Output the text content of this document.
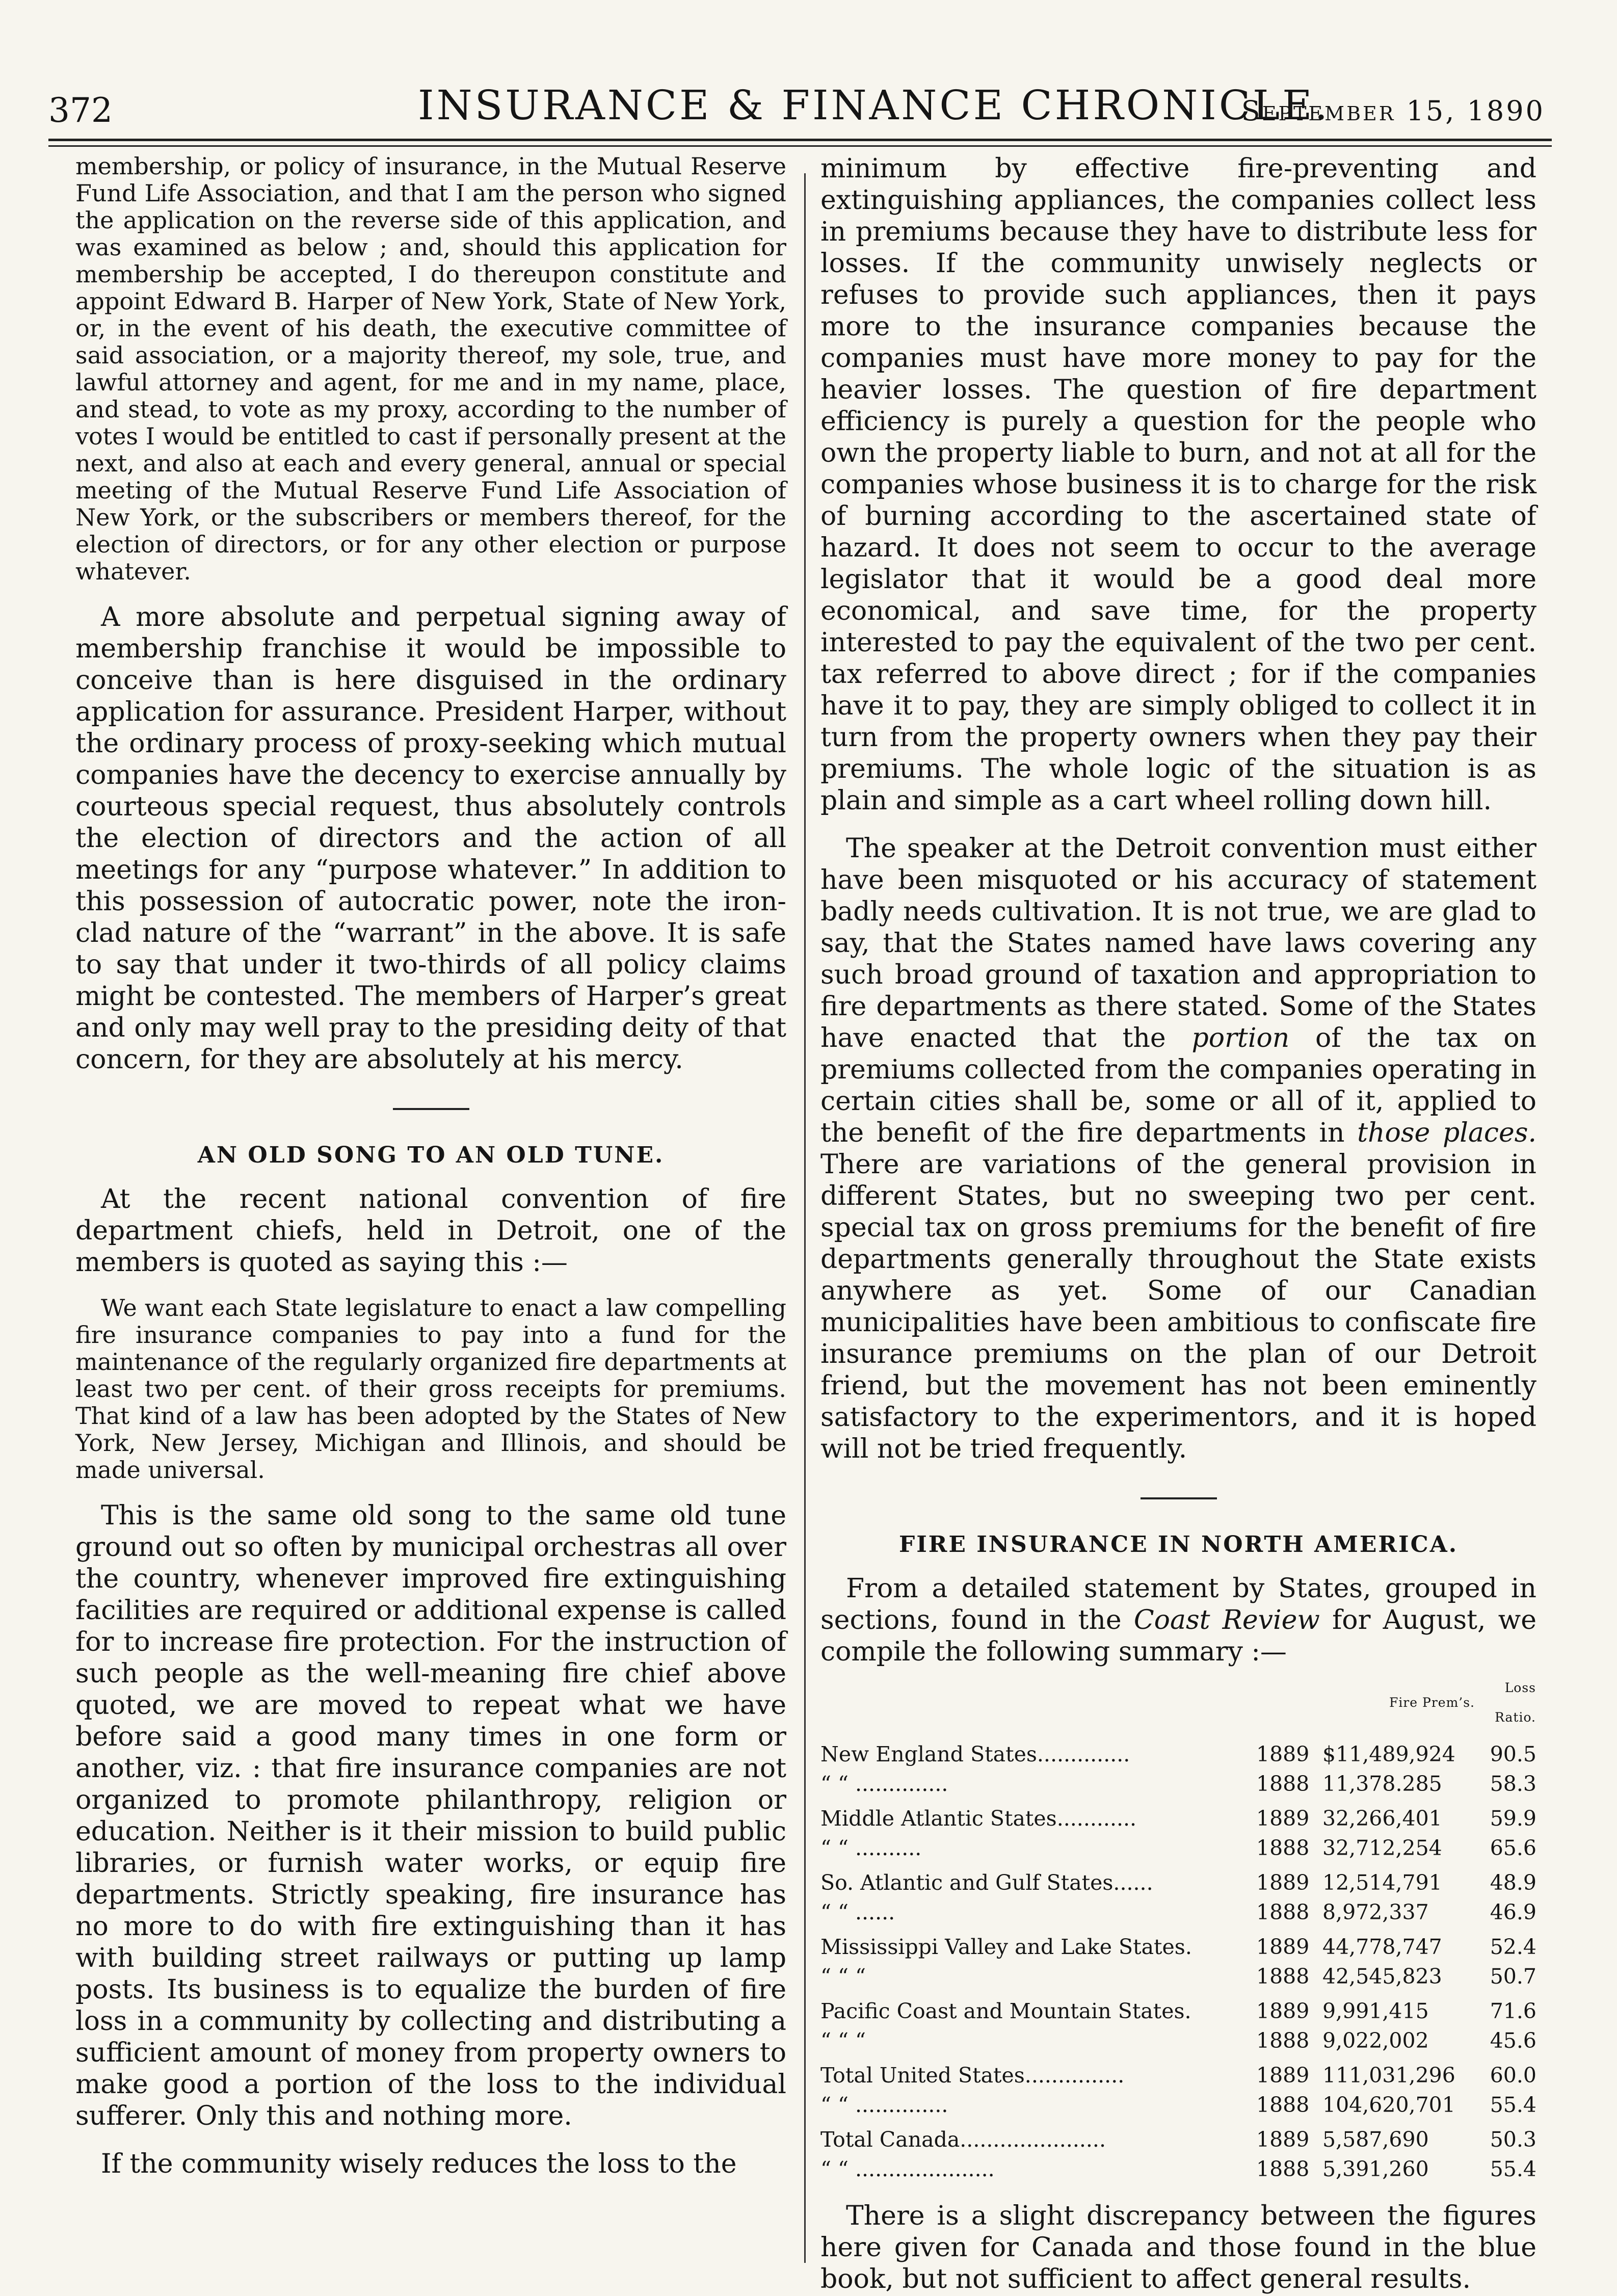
372	INSURANCE & FINANCE CHRONICLE.
September 15, 1890

membership, or policy of insurance, in the Mutual Reserve Fund Life Association, and that I am the person who signed the application on the reverse side of this application, and was examined as below ; and, should this application for membership be accepted, I do thereupon constitute and appoint Edward B. Harper of New York, State of New York, or, in the event of his death, the executive committee of said association, or a majority thereof, my sole, true, and lawful attorney and agent, for me and in my name, place, and stead, to vote as my proxy, according to the number of votes I would be entitled to cast if personally present at the next, and also at each and every general, annual or special meeting of the Mutual Reserve Fund Life Association of New York, or the subscribers or members thereof, for the election of directors, or for any other election or purpose whatever.

A more absolute and perpetual signing away of membership franchise it would be impossible to conceive than is here disguised in the ordinary application for assurance. President Harper, without the ordinary process of proxy-seeking which mutual companies have the decency to exercise annually by courteous special request, thus absolutely controls the election of directors and the action of all meetings for any “purpose whatever.” In addition to this possession of autocratic power, note the iron-clad nature of the “warrant” in the above. It is safe to say that under it two-thirds of all policy claims might be contested. The members of Harper’s great and only may well pray to the presiding deity of that concern, for they are absolutely at his mercy.

AN OLD SONG TO AN OLD TUNE.

At the recent national convention of fire department chiefs, held in Detroit, one of the members is quoted as saying this :—

We want each State legislature to enact a law compelling fire insurance companies to pay into a fund for the maintenance of the regularly organized fire departments at least two per cent. of their gross receipts for premiums. That kind of a law has been adopted by the States of New York, New Jersey, Michigan and Illinois, and should be made universal.

This is the same old song to the same old tune ground out so often by municipal orchestras all over the country, whenever improved fire extinguishing facilities are required or additional expense is called for to increase fire protection. For the instruction of such people as the well-meaning fire chief above quoted, we are moved to repeat what we have before said a good many times in one form or another, viz. : that fire insurance companies are not organized to promote philanthropy, religion or education. Neither is it their mission to build public libraries, or furnish water works, or equip fire departments. Strictly speaking, fire insurance has no more to do with fire extinguishing than it has with building street railways or putting up lamp posts. Its business is to equalize the burden of fire loss in a community by collecting and distributing a sufficient amount of money from property owners to make good a portion of the loss to the individual sufferer. Only this and nothing more.

If the community wisely reduces the loss to the

minimum by effective fire-preventing and extinguishing appliances, the companies collect less in premiums because they have to distribute less for losses. If the community unwisely neglects or refuses to provide such appliances, then it pays more to the insurance companies because the companies must have more money to pay for the heavier losses. The question of fire department efficiency is purely a question for the people who own the property liable to burn, and not at all for the companies whose business it is to charge for the risk of burning according to the ascertained state of hazard. It does not seem to occur to the average legislator that it would be a good deal more economical, and save time, for the property interested to pay the equivalent of the two per cent. tax referred to above direct ; for if the companies have it to pay, they are simply obliged to collect it in turn from the property owners when they pay their premiums. The whole logic of the situation is as plain and simple as a cart wheel rolling down hill.

The speaker at the Detroit convention must either have been misquoted or his accuracy of statement badly needs cultivation. It is not true, we are glad to say, that the States named have laws covering any such broad ground of taxation and appropriation to fire departments as there stated. Some of the States have enacted that the portion of the tax on premiums collected from the companies operating in certain cities shall be, some or all of it, applied to the benefit of the fire departments in those places. There are variations of the general provision in different States, but no sweeping two per cent. special tax on gross premiums for the benefit of fire departments generally throughout the State exists anywhere as yet. Some of our Canadian municipalities have been ambitious to confiscate fire insurance premiums on the plan of our Detroit friend, but the movement has not been eminently satisfactory to the experimentors, and it is hoped will not be tried frequently.

FIRE INSURANCE IN NORTH AMERICA.

From a detailed statement by States, grouped in sections, found in the Coast Review for August, we compile the following summary :—

		Fire Prem’s.	Loss Ratio.
New England States..............	1889	$11,489,924	90.5
“ “ ..............	1888	11,378.285	58.3
Middle Atlantic States............	1889	32,266,401	59.9
“ “ ..........	1888	32,712,254	65.6
So. Atlantic and Gulf States......	1889	12,514,791	48.9
“ “ ......	1888	8,972,337	46.9
Mississippi Valley and Lake States.	1889	44,778,747	52.4
“ “ “	1888	42,545,823	50.7
Pacific Coast and Mountain States.	1889	9,991,415	71.6
“ “ “	1888	9,022,002	45.6
Total United States...............	1889	111,031,296	60.0
“ “ ..............	1888	104,620,701	55.4
Total Canada......................	1889	5,587,690	50.3
“ “ .....................	1888	5,391,260	55.4

There is a slight discrepancy between the figures here given for Canada and those found in the blue book, but not sufficient to affect general results.
